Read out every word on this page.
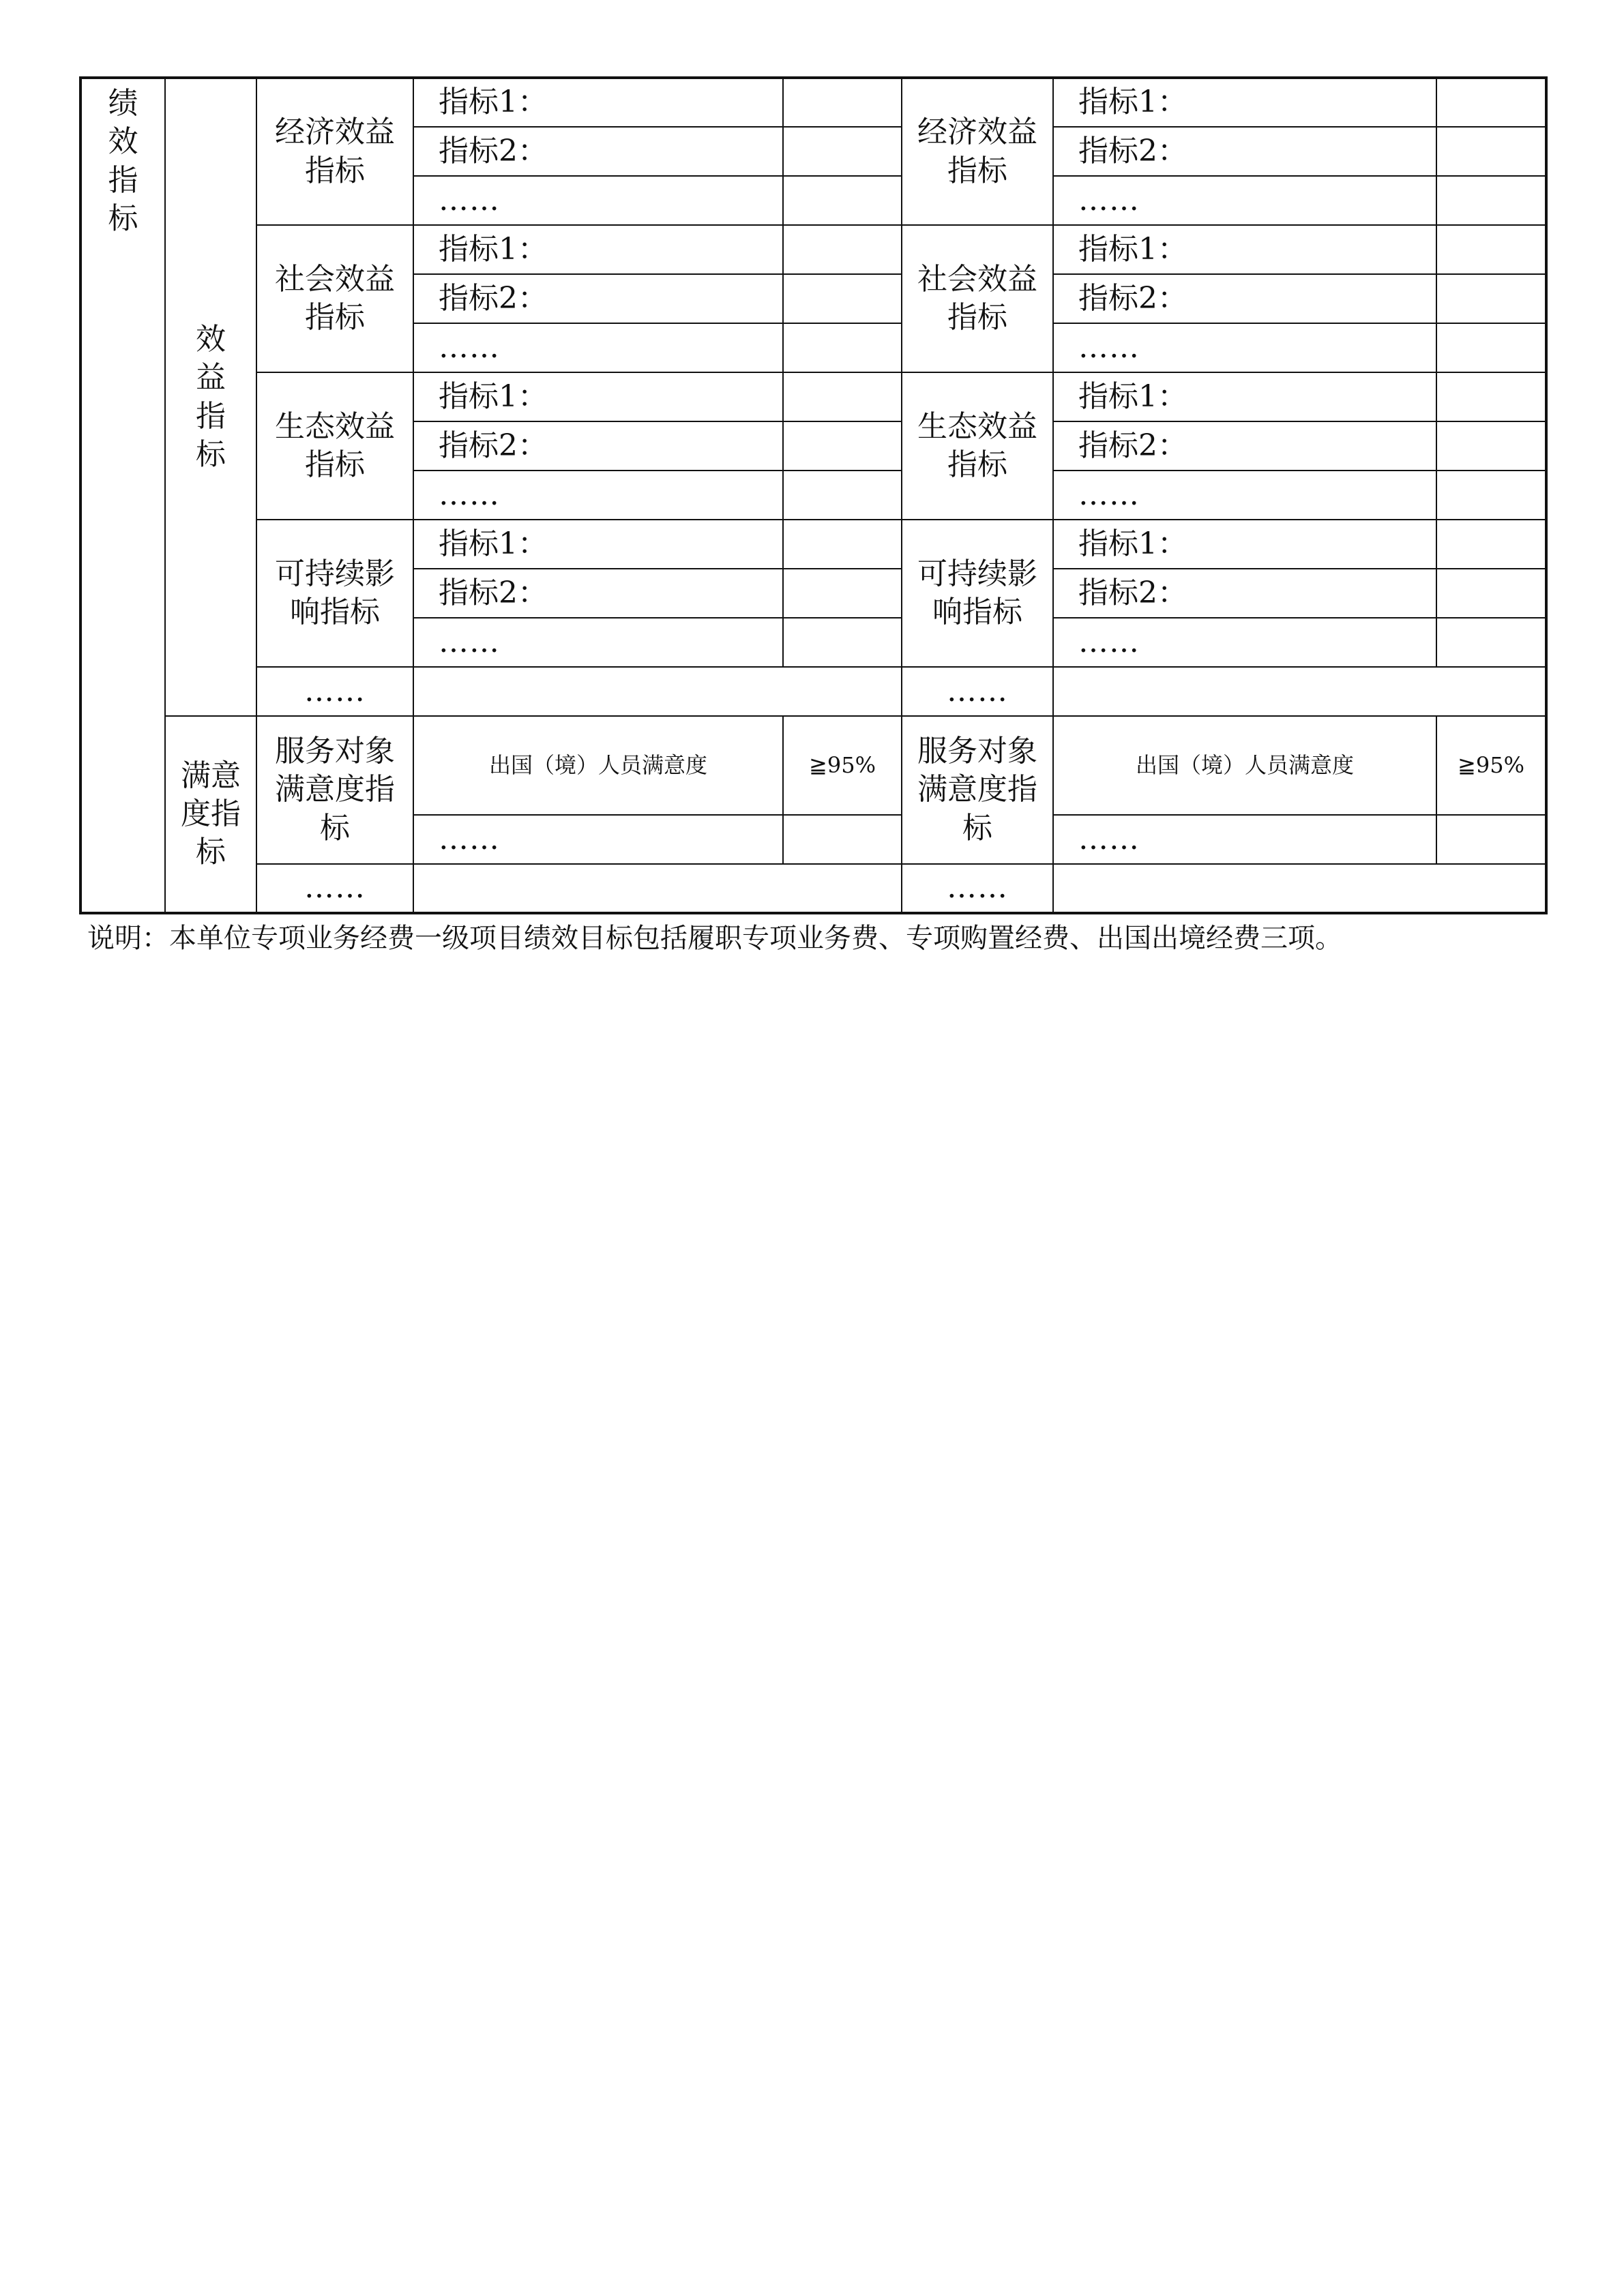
绩效指标	效益指标	经济效益指标	指标1：		经济效益指标	指标1：	
			指标2：			指标2：	
			……			……	
		社会效益指标	指标1：		社会效益指标	指标1：	
			指标2：			指标2：	
			……			……	
		生态效益指标	指标1：		生态效益指标	指标1：	
			指标2：			指标2：	
			……			……	
		可持续影响指标	指标1：		可持续影响指标	指标1：	
			指标2：			指标2：	
			……			……	
		……			……		
	满意度指标	服务对象满意度指标	出国（境）人员满意度	≧95%	服务对象满意度指标	出国（境）人员满意度	≧95%
			……			……	
		……			……		
说明：本单位专项业务经费一级项目绩效目标包括履职专项业务费、专项购置经费、出国出境经费三项。
